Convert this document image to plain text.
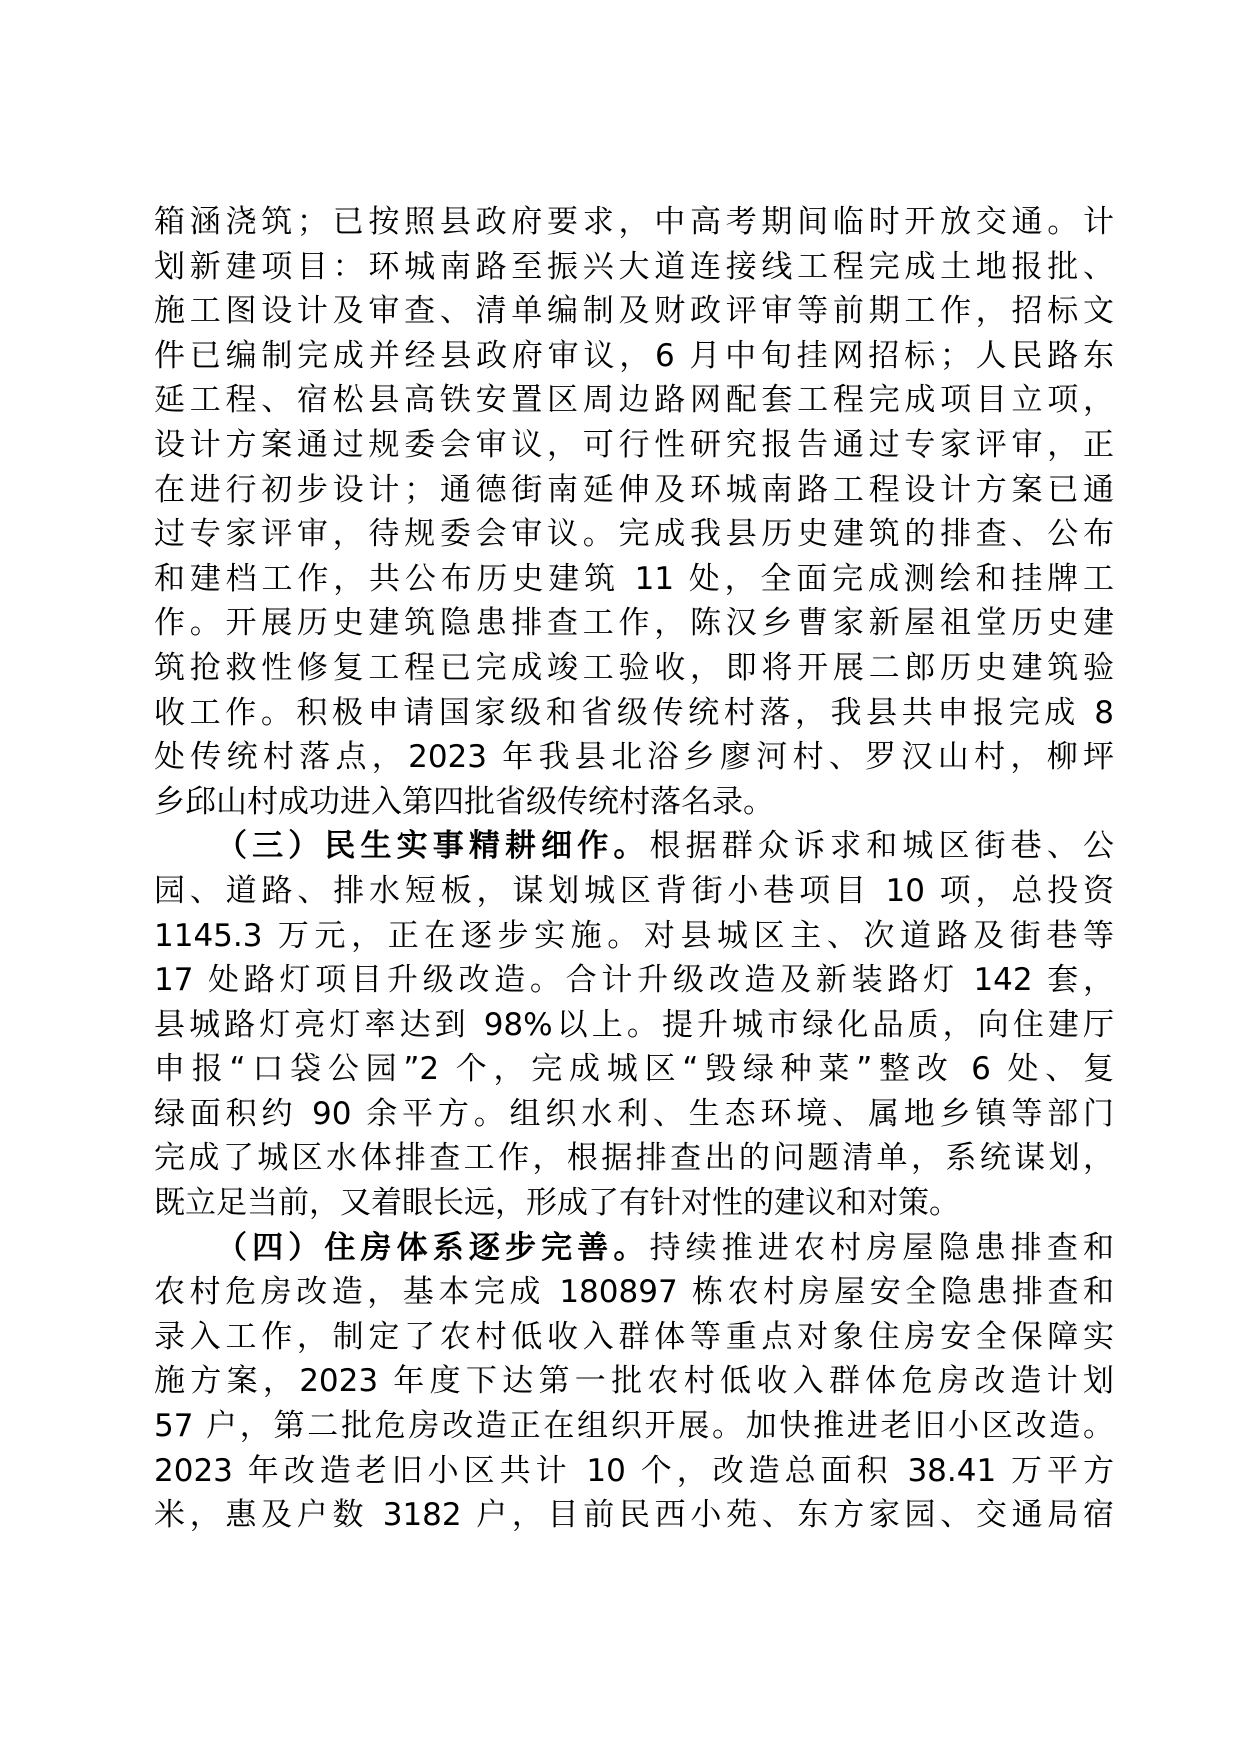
箱涵浇筑；已按照县政府要求，中高考期间临时开放交通。计
划新建项目：环城南路至振兴大道连接线工程完成土地报批、
施工图设计及审查、清单编制及财政评审等前期工作，招标文
件已编制完成并经县政府审议，6 月中旬挂网招标；人民路东
延工程、宿松县高铁安置区周边路网配套工程完成项目立项，
设计方案通过规委会审议，可行性研究报告通过专家评审，正
在进行初步设计；通德街南延伸及环城南路工程设计方案已通
过专家评审，待规委会审议。完成我县历史建筑的排查、公布
和建档工作，共公布历史建筑 11 处，全面完成测绘和挂牌工
作。开展历史建筑隐患排查工作，陈汉乡曹家新屋祖堂历史建
筑抢救性修复工程已完成竣工验收，即将开展二郎历史建筑验
收工作。积极申请国家级和省级传统村落，我县共申报完成 8
处传统村落点，2023 年我县北浴乡廖河村、罗汉山村，柳坪
乡邱山村成功进入第四批省级传统村落名录。
（三）民生实事精耕细作。根据群众诉求和城区街巷、公
园、道路、排水短板，谋划城区背街小巷项目 10 项，总投资
1145.3 万元，正在逐步实施。对县城区主、次道路及街巷等
17 处路灯项目升级改造。合计升级改造及新装路灯 142 套，
县城路灯亮灯率达到 98%以上。提升城市绿化品质，向住建厅
申报“口袋公园”2 个，完成城区“毁绿种菜”整改 6 处、复
绿面积约 90 余平方。组织水利、生态环境、属地乡镇等部门
完成了城区水体排查工作，根据排查出的问题清单，系统谋划，
既立足当前，又着眼长远，形成了有针对性的建议和对策。
（四）住房体系逐步完善。持续推进农村房屋隐患排查和
农村危房改造，基本完成 180897 栋农村房屋安全隐患排查和
录入工作，制定了农村低收入群体等重点对象住房安全保障实
施方案，2023 年度下达第一批农村低收入群体危房改造计划
57 户，第二批危房改造正在组织开展。加快推进老旧小区改造。
2023 年改造老旧小区共计 10 个，改造总面积 38.41 万平方
米，惠及户数 3182 户，目前民西小苑、东方家园、交通局宿
